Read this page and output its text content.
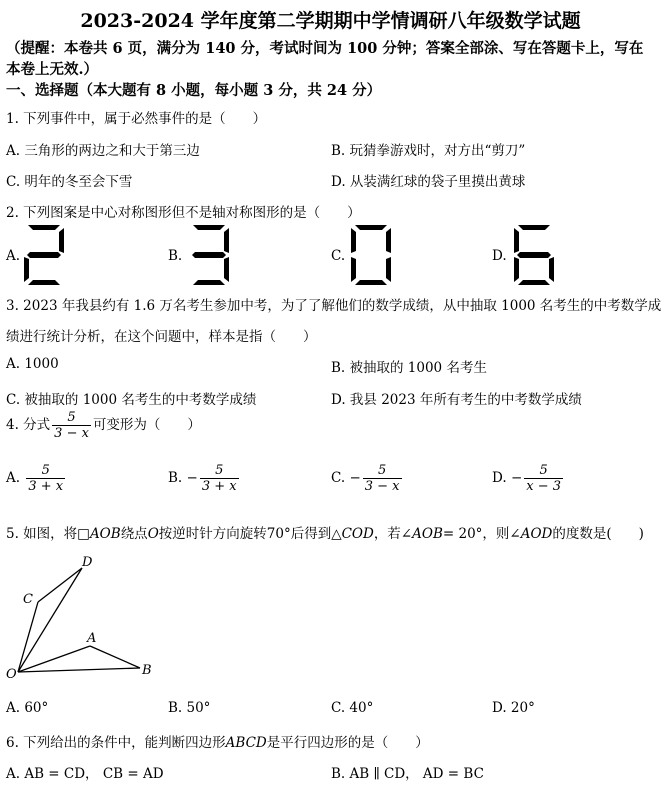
2023-2024 学年度第二学期期中学情调研八年级数学试题
（提醒：本卷共 6 页，满分为 140 分，考试时间为 100 分钟；答案全部涂、写在答题卡上，写在本卷上无效.）
一、选择题（本大题有 8 小题，每小题 3 分，共 24 分）
1. 下列事件中，属于必然事件的是（　　）
A. 三角形的两边之和大于第三边	B. 玩猜拳游戏时，对方出“剪刀”
C. 明年的冬至会下雪	D. 从装满红球的袋子里摸出黄球
2. 下列图案是中心对称图形但不是轴对称图形的是（　　）
A.	B.	C.	D.
3. 2023 年我县约有 1.6 万名考生参加中考，为了了解他们的数学成绩，从中抽取 1000 名考生的中考数学成
绩进行统计分析，在这个问题中，样本是指（　　）
A. 1000	B. 被抽取的 1000 名考生
C. 被抽取的 1000 名考生的中考数学成绩	D. 我县 2023 年所有考生的中考数学成绩
4. 分式 $\frac{5}{3 - x}$ 可变形为（　　）
A. $\frac{5}{3 + x}$	B. − $\frac{5}{3 + x}$	C. − $\frac{5}{3 - x}$	D. − $\frac{5}{x - 3}$
5. 如图，将□AOB绕点O按逆时针方向旋转70°后得到△COD，若∠AOB= 20°，则∠AOD的度数是(　　)
D
C
A
O	B
A. 60°	B. 50°	C. 40°	D. 20°
6. 下列给出的条件中，能判断四边形ABCD是平行四边形的是（　　）
A. AB = CD， CB = AD	B. AB ∥ CD， AD = BC
